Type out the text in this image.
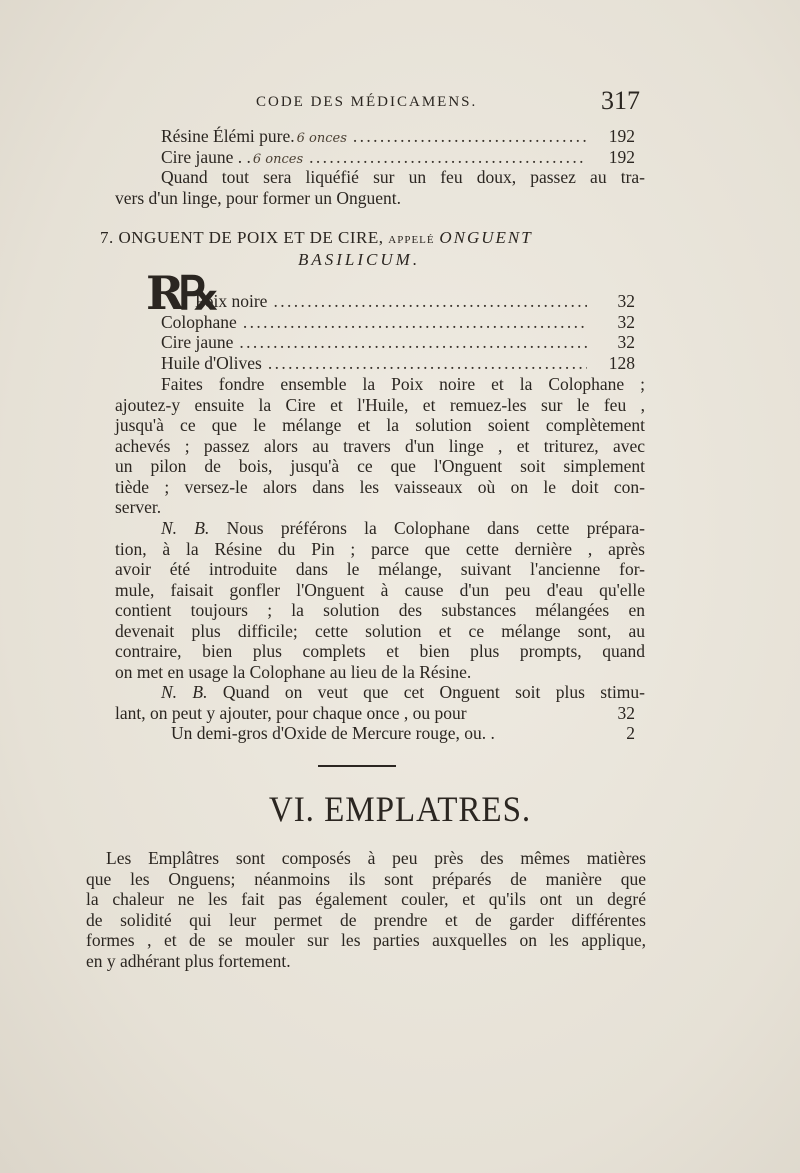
CODE DES MÉDICAMENS.	317
Résine Élémi pure. 6 onces . . .	192
Cire jaune . . 6 onces . . .	192
Quand tout sera liquéfié sur un feu doux, passez au tra-
vers d'un linge, pour former un Onguent.
7. ONGUENT DE POIX ET DE CIRE, APPELÉ ONGUENT
BASILICUM.
R℞
Poix noire . . .	32
Colophane . . .	32
Cire jaune . . .	32
Huile d'Olives . . .	128
Faites fondre ensemble la Poix noire et la Colophane ;
ajoutez-y ensuite la Cire et l'Huile, et remuez-les sur le feu ,
jusqu'à ce que le mélange et la solution soient complètement
achevés ; passez alors au travers d'un linge , et triturez, avec
un pilon de bois, jusqu'à ce que l'Onguent soit simplement
tiède ; versez-le alors dans les vaisseaux où on le doit con-
server.
N. B. Nous préférons la Colophane dans cette prépara-
tion, à la Résine du Pin ; parce que cette dernière , après
avoir été introduite dans le mélange, suivant l'ancienne for-
mule, faisait gonfler l'Onguent à cause d'un peu d'eau qu'elle
contient toujours ; la solution des substances mélangées en
devenait plus difficile; cette solution et ce mélange sont, au
contraire, bien plus complets et bien plus prompts, quand
on met en usage la Colophane au lieu de la Résine.
N. B. Quand on veut que cet Onguent soit plus stimu-
lant, on peut y ajouter, pour chaque once , ou pour	32
Un demi-gros d'Oxide de Mercure rouge, ou. .	2
VI. EMPLATRES.
Les Emplâtres sont composés à peu près des mêmes matières
que les Onguens; néanmoins ils sont préparés de manière que
la chaleur ne les fait pas également couler, et qu'ils ont un degré
de solidité qui leur permet de prendre et de garder différentes
formes , et de se mouler sur les parties auxquelles on les applique,
en y adhérant plus fortement.
